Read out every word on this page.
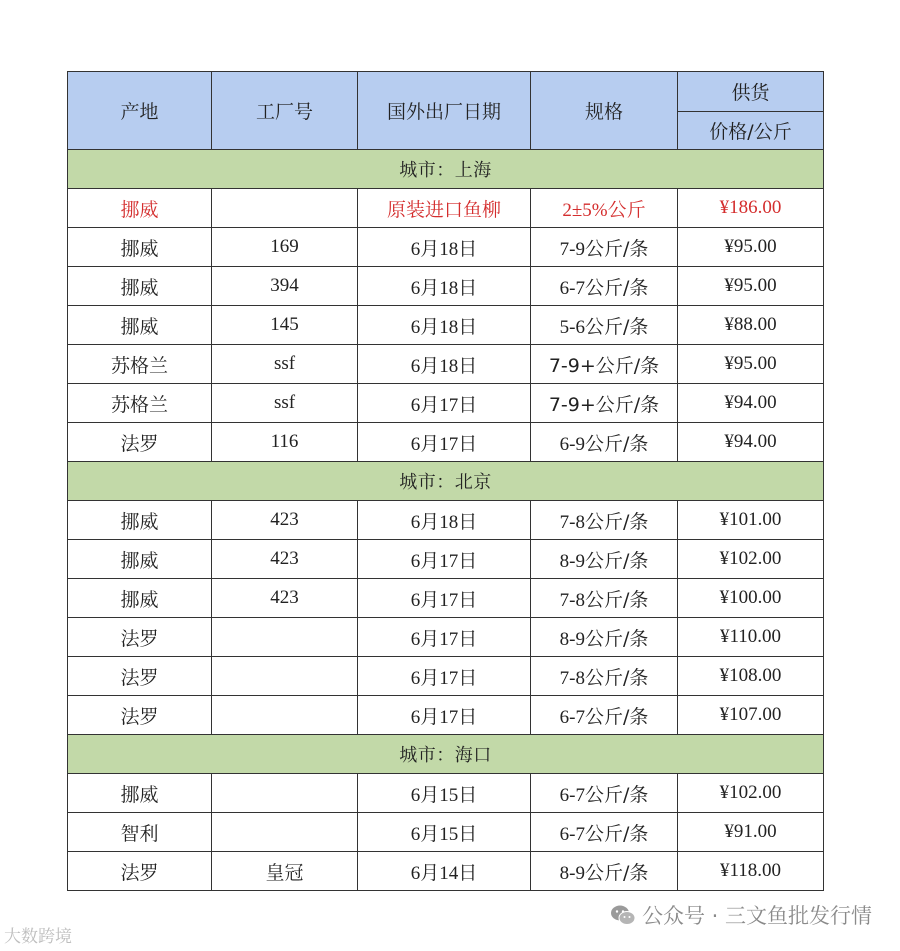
产地	工厂号	国外出厂日期	规格	供货
				价格/公斤
城市：上海				
挪威		原装进口鱼柳	2±5%公斤	¥186.00
挪威	169	6月18日	7-9公斤/条	¥95.00
挪威	394	6月18日	6-7公斤/条	¥95.00
挪威	145	6月18日	5-6公斤/条	¥88.00
苏格兰	ssf	6月18日	7-9+公斤/条	¥95.00
苏格兰	ssf	6月17日	7-9+公斤/条	¥94.00
法罗	116	6月17日	6-9公斤/条	¥94.00
城市：北京				
挪威	423	6月18日	7-8公斤/条	¥101.00
挪威	423	6月17日	8-9公斤/条	¥102.00
挪威	423	6月17日	7-8公斤/条	¥100.00
法罗		6月17日	8-9公斤/条	¥110.00
法罗		6月17日	7-8公斤/条	¥108.00
法罗		6月17日	6-7公斤/条	¥107.00
城市：海口				
挪威		6月15日	6-7公斤/条	¥102.00
智利		6月15日	6-7公斤/条	¥91.00
法罗	皇冠	6月14日	8-9公斤/条	¥118.00
大数跨境
公众号 · 三文鱼批发行情
